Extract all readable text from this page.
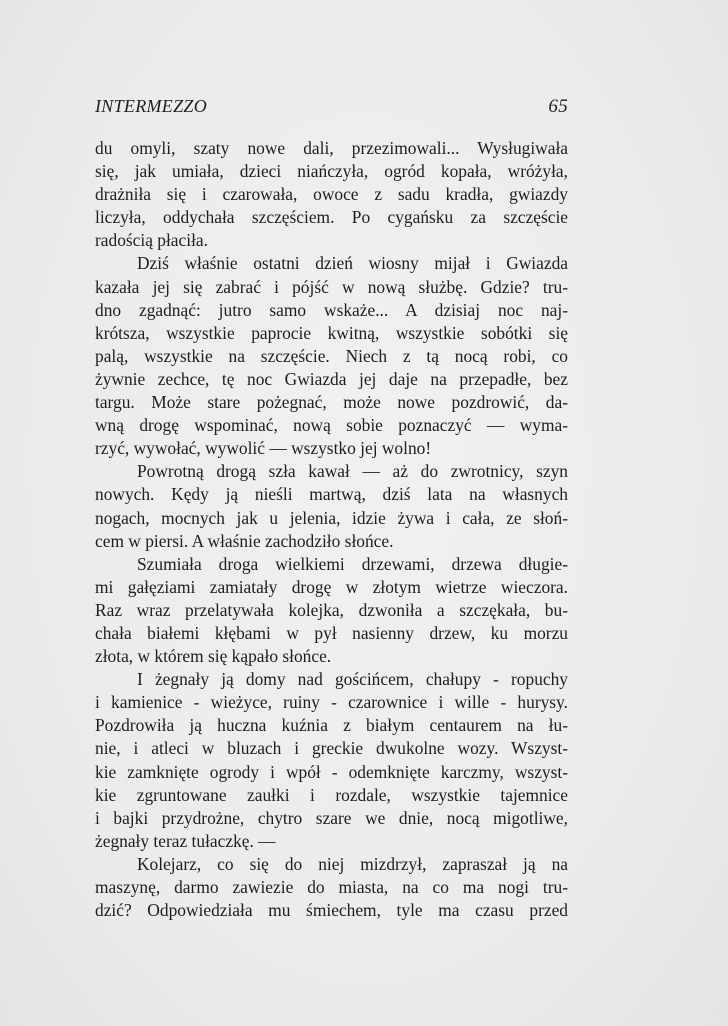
INTERMEZZO	65
du omyli, szaty nowe dali, przezimowali... Wysługiwała
się, jak umiała, dzieci niańczyła, ogród kopała, wróżyła,
drażniła się i czarowała, owoce z sadu kradła, gwiazdy
liczyła, oddychała szczęściem. Po cygańsku za szczęście
radością płaciła.
Dziś właśnie ostatni dzień wiosny mijał i Gwiazda
kazała jej się zabrać i pójść w nową służbę. Gdzie? tru-
dno zgadnąć: jutro samo wskaże... A dzisiaj noc naj-
krótsza, wszystkie paprocie kwitną, wszystkie sobótki się
palą, wszystkie na szczęście. Niech z tą nocą robi, co
żywnie zechce, tę noc Gwiazda jej daje na przepadłe, bez
targu. Może stare pożegnać, może nowe pozdrowić, da-
wną drogę wspominać, nową sobie poznaczyć — wyma-
rzyć, wywołać, wywolić — wszystko jej wolno!
Powrotną drogą szła kawał — aż do zwrotnicy, szyn
nowych. Kędy ją nieśli martwą, dziś lata na własnych
nogach, mocnych jak u jelenia, idzie żywa i cała, ze słoń-
cem w piersi. A właśnie zachodziło słońce.
Szumiała droga wielkiemi drzewami, drzewa długie-
mi gałęziami zamiatały drogę w złotym wietrze wieczora.
Raz wraz przelatywała kolejka, dzwoniła a szczękała, bu-
chała białemi kłębami w pył nasienny drzew, ku morzu
złota, w którem się kąpało słońce.
I żegnały ją domy nad gościńcem, chałupy - ropuchy
i kamienice - wieżyce, ruiny - czarownice i wille - hurysy.
Pozdrowiła ją huczna kuźnia z białym centaurem na łu-
nie, i atleci w bluzach i greckie dwukolne wozy. Wszyst-
kie zamknięte ogrody i wpół - odemknięte karczmy, wszyst-
kie zgruntowane zaułki i rozdale, wszystkie tajemnice
i bajki przydrożne, chytro szare we dnie, nocą migotliwe,
żegnały teraz tułaczkę. —
Kolejarz, co się do niej mizdrzył, zapraszał ją na
maszynę, darmo zawiezie do miasta, na co ma nogi tru-
dzić? Odpowiedziała mu śmiechem, tyle ma czasu przed
